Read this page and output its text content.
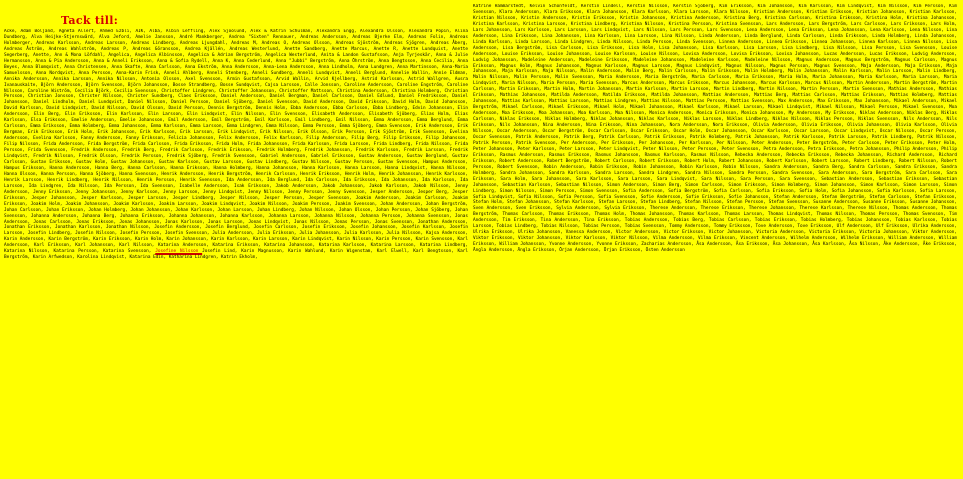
Tack till:
Acke, Adam Böljand, Agneta Allert, Ahmed Ezbli, AIK, Alba, Albin Leffling, Alex Sjöölund, Alex & Katrin Schulman, Alexandra Engg, Alexandra Olsson, Alexandra Popin, Alina Dundberg, Alva Heijke-Stjernswärd, Alva Jeford, Amelie Jansson, André Mankberger, Andrea "Sixten" Rennauer, Andreas Andersson, Andreas Bjerke Elm, Andreas Folin, Andreas Holmberger, Andreas Karlsson, Andreas Larsson, Andreas Lindberg, Andreas Ljungdahl, Andreas M, Andreas O, Andreas Olsson, Andreas Sjöström, Andreas Sjögren, Andreas Åberg, Andreas Åström, Andreas Wahlström, Andreas P, Andreas Göransson, Andrea Kjällén, Andreas Westerlund, Anette Sandberg, Anette Marcus, Anette R, Anette Lundquist, Anette Segerberg, Anette, Ann & Mona Löfdahl, Angelica, Angelica Albinsson, Angelica & Adrian Bergström, Angelica Westerlund, Anita & Landon Gustafsson, Anja Tyrjeskär, Anna & Julie Hermansson, Anna & Pia Andersson, Anna & Anneli Eriksson, Anna & Sofia Rydell, Anna K, Anna Cederlund, Anna "Jubbi" Bergström, Anna Öhrström, Anna Bengtsson, Anna Cecilia, Anna Beyes, Anna Blomqvist, Anna Christensen, Anna Skafte, Anna Carlsson, Anna Ekström, Anna Andersson, Anna-Lena Andersson, Anna Lindholm, Anna Lundgren, Anna Martinsson, Anna-Maria Samuelsson, Anna Nordqvist, Anna Persson, Anna-Karin Frisk, Anneli Ahlberg, Anneli Stenberg, Anneli Sundberg, Anneli Lundqvist, Anneli Berglund, Annelie Wallin, Annie Eldman, Annika Andersson, Annika Larsson, Annika Nilsson, Antonia Olsson, Axel Svensson, Armin Gustafsson, Arvid Wallin, Arvid Kjellberg, Astrid Karlsson, Astrid Wallgren, Ausra Ivanauskaite, Björn Andersson, Björn Svensson, Björn Johansson, Bosse Strandberg, Bosse Sundqvist, Cajsa Larsson, Calle Jonsson, Caroline Andersson, Caroline Engström, Caroline Nilsson, Caroline Wiström, Cecilia Björk, Cecilia Svensson, Christoffer Lindgren, Christoffer Johansson, Christoffer Mattsson, Christina Andersson, Christina Holmberg, Christian Persson, Christian Jonsson, Christer Nilsson, Christer Sundberg, Claes Eriksson, Daniel Andersson, Daniel Bergman, Daniel Carlsson, Daniel Edlund, Daniel Fredriksson, Daniel Johansson, Daniel Lindholm, Daniel Lundqvist, Daniel Nilsson, Daniel Persson, Daniel Sjöberg, Daniel Svensson, David Andersson, David Eriksson, David Holm, David Johansson, David Karlsson, David Lindqvist, David Nilsson, David Olsson, David Persson, Dennis Bergström, Dennis Holm, Ebba Andersson, Ebba Carlsson, Ebba Lindberg, Edvin Johansson, Elin Andersson, Elin Berg, Elin Eriksson, Elin Karlsson, Elin Larsson, Elin Lindqvist, Elin Nilsson, Elin Svensson, Elisabeth Andersson, Elisabeth Sjöberg, Elias Holm, Elias Karlsson, Elsa Eriksson, Emelie Andersson, Emelie Johansson, Emil Andersson, Emil Bergström, Emil Karlsson, Emil Lindberg, Emil Nilsson, Emma Andersson, Emma Berglund, Emma Carlsson, Emma Eriksson, Emma Holmberg, Emma Johansson, Emma Karlsson, Emma Larsson, Emma Lindgren, Emma Nilsson, Emma Persson, Emma Sjöberg, Emma Svensson, Erik Andersson, Erik Bergman, Erik Eriksson, Erik Holm, Erik Johansson, Erik Karlsson, Erik Larsson, Erik Lindqvist, Erik Nilsson, Erik Olsson, Erik Persson, Erik Sjöström, Erik Svensson, Evelina Andersson, Evelina Karlsson, Fanny Andersson, Fanny Eriksson, Felicia Johansson, Felix Andersson, Felix Karlsson, Filip Andersson, Filip Berg, Filip Eriksson, Filip Johansson, Filip Nilsson, Frida Andersson, Frida Bergström, Frida Carlsson, Frida Eriksson, Frida Holm, Frida Johansson, Frida Karlsson, Frida Larsson, Frida Lindberg, Frida Nilsson, Frida Persson, Frida Svensson, Fredrik Andersson, Fredrik Berg, Fredrik Carlsson, Fredrik Eriksson, Fredrik Holmberg, Fredrik Johansson, Fredrik Karlsson, Fredrik Larsson, Fredrik Lindqvist, Fredrik Nilsson, Fredrik Olsson, Fredrik Persson, Fredrik Sjöberg, Fredrik Svensson, Gabriel Andersson, Gabriel Eriksson, Gustav Andersson, Gustav Berglund, Gustav Carlsson, Gustav Eriksson, Gustav Holm, Gustav Johansson, Gustav Karlsson, Gustav Larsson, Gustav Lindberg, Gustav Nilsson, Gustav Persson, Gustav Svensson, Hampus Andersson, Hampus Eriksson, Hanna Andersson, Hanna Berg, Hanna Carlsson, Hanna Eriksson, Hanna Holmberg, Hanna Johansson, Hanna Karlsson, Hanna Larsson, Hanna Lindqvist, Hanna Nilsson, Hanna Olsson, Hanna Persson, Hanna Sjöberg, Hanna Svensson, Henrik Andersson, Henrik Bergström, Henrik Carlsson, Henrik Eriksson, Henrik Holm, Henrik Johansson, Henrik Karlsson, Henrik Larsson, Henrik Lindberg, Henrik Nilsson, Henrik Persson, Henrik Svensson, Ida Andersson, Ida Berglund, Ida Carlsson, Ida Eriksson, Ida Johansson, Ida Karlsson, Ida Larsson, Ida Lindgren, Ida Nilsson, Ida Persson, Ida Svensson, Isabelle Andersson, Isak Eriksson, Jakob Andersson, Jakob Johansson, Jakob Karlsson, Jakob Nilsson, Jenny Andersson, Jenny Eriksson, Jenny Johansson, Jenny Karlsson, Jenny Larsson, Jenny Lindqvist, Jenny Nilsson, Jenny Persson, Jenny Svensson, Jesper Andersson, Jesper Berg, Jesper Eriksson, Jesper Johansson, Jesper Karlsson, Jesper Larsson, Jesper Lindberg, Jesper Nilsson, Jesper Persson, Jesper Svensson, Joakim Andersson, Joakim Carlsson, Joakim Eriksson, Joakim Holm, Joakim Johansson, Joakim Karlsson, Joakim Larsson, Joakim Lindqvist, Joakim Nilsson, Joakim Persson, Joakim Svensson, Johan Andersson, Johan Bergström, Johan Carlsson, Johan Eriksson, Johan Holmberg, Johan Johansson, Johan Karlsson, Johan Larsson, Johan Lindberg, Johan Nilsson, Johan Olsson, Johan Persson, Johan Sjöberg, Johan Svensson, Johanna Andersson, Johanna Berg, Johanna Eriksson, Johanna Johansson, Johanna Karlsson, Johanna Larsson, Johanna Nilsson, Johanna Persson, Johanna Svensson, Jonas Andersson, Jonas Carlsson, Jonas Eriksson, Jonas Johansson, Jonas Karlsson, Jonas Larsson, Jonas Lindqvist, Jonas Nilsson, Jonas Persson, Jonas Svensson, Jonathan Andersson, Jonathan Eriksson, Jonathan Karlsson, Jonathan Nilsson, Josefin Andersson, Josefin Berglund, Josefin Carlsson, Josefin Eriksson, Josefin Johansson, Josefin Karlsson, Josefin Larsson, Josefin Lindberg, Josefin Nilsson, Josefin Persson, Josefin Svensson, Julia Andersson, Julia Eriksson, Julia Johansson, Julia Karlsson, Julia Nilsson, Kajsa Andersson, Karin Andersson, Karin Bergström, Karin Eriksson, Karin Holm, Karin Johansson, Karin Karlsson, Karin Larsson, Karin Lindqvist, Karin Nilsson, Karin Persson, Karin Svensson, Karl Andersson, Karl Eriksson, Karl Johansson, Karl Nilsson, Katarina Andersson, Katarina Eriksson, Katarina Johansson, Katarina Karlsson, Katarina Larsson, Katarina Lindberg, Katarina Nilsson, Katarina Persson, Katarina Svensson, Josefine Nilsson Josefin Lind, Karin Magnusson, Karin Wahlund, Karin Wigenstam, Karl Elwell, Karl Bengtsson, Karl Bergström, Karin Arfwedson, Karolina Lindqvist, Katarina Edin, Katharina Lindgren, Katrin Ekholm,
Katrine Hammarstedt, Kelvin Schönfeldt, Kerstin Lindell, Kerstin Nilsson, Kerstin Sjöberg, Kim Eriksson, Kim Johansson, Kim Karlsson, Kim Lindqvist, Kim Nilsson, Kim Persson, Kim Svensson, Klara Andersson, Klara Eriksson, Klara Johansson, Klara Karlsson, Klara Larsson, Klara Nilsson, Kristian Andersson, Kristian Eriksson, Kristian Johansson, Kristian Karlsson, Kristian Nilsson, Kristin Andersson, Kristin Eriksson, Kristin Johansson, Kristina Andersson, Kristina Berg, Kristina Carlsson, Kristina Eriksson, Kristina Holm, Kristina Johansson, Kristina Karlsson, Kristina Larsson, Kristina Lindberg, Kristina Nilsson, Kristina Persson, Kristina Svensson, Lars Andersson, Lars Bergström, Lars Carlsson, Lars Eriksson, Lars Holm, Lars Johansson, Lars Karlsson, Lars Larsson, Lars Lindqvist, Lars Nilsson, Lars Persson, Lars Svensson, Lena Andersson, Lena Eriksson, Lena Johansson, Lena Karlsson, Lena Nilsson, Lina Andersson, Lina Eriksson, Lina Johansson, Lina Karlsson, Lina Larsson, Lina Nilsson, Linda Andersson, Linda Berglund, Linda Carlsson, Linda Eriksson, Linda Holmberg, Linda Johansson, Linda Karlsson, Linda Larsson, Linda Lindgren, Linda Nilsson, Linda Persson, Linda Svensson, Linnea Andersson, Linnea Eriksson, Linnea Johansson, Linnea Karlsson, Linnea Nilsson, Lisa Andersson, Lisa Bergström, Lisa Carlsson, Lisa Eriksson, Lisa Holm, Lisa Johansson, Lisa Karlsson, Lisa Larsson, Lisa Lindberg, Lisa Nilsson, Lisa Persson, Lisa Svensson, Louise Andersson, Louise Eriksson, Louise Johansson, Louise Karlsson, Louise Nilsson, Lovisa Andersson, Lovisa Eriksson, Lovisa Johansson, Lucas Andersson, Lucas Eriksson, Ludvig Andersson, Ludvig Johansson, Madeleine Andersson, Madeleine Eriksson, Madeleine Johansson, Madeleine Karlsson, Madeleine Nilsson, Magnus Andersson, Magnus Bergström, Magnus Carlsson, Magnus Eriksson, Magnus Holm, Magnus Johansson, Magnus Karlsson, Magnus Larsson, Magnus Lindqvist, Magnus Nilsson, Magnus Persson, Magnus Svensson, Maja Andersson, Maja Eriksson, Maja Johansson, Maja Karlsson, Maja Nilsson, Malin Andersson, Malin Berg, Malin Carlsson, Malin Eriksson, Malin Holmberg, Malin Johansson, Malin Karlsson, Malin Larsson, Malin Lindberg, Malin Nilsson, Malin Persson, Malin Svensson, Maria Andersson, Maria Bergström, Maria Carlsson, Maria Eriksson, Maria Holm, Maria Johansson, Maria Karlsson, Maria Larsson, Maria Lindqvist, Maria Nilsson, Maria Persson, Maria Svensson, Marcus Andersson, Marcus Eriksson, Marcus Johansson, Marcus Karlsson, Marcus Nilsson, Martin Andersson, Martin Bergström, Martin Carlsson, Martin Eriksson, Martin Holm, Martin Johansson, Martin Karlsson, Martin Larsson, Martin Lindberg, Martin Nilsson, Martin Persson, Martin Svensson, Mathias Andersson, Mathias Eriksson, Mathias Johansson, Matilda Andersson, Matilda Eriksson, Matilda Johansson, Mattias Andersson, Mattias Berg, Mattias Carlsson, Mattias Eriksson, Mattias Holmberg, Mattias Johansson, Mattias Karlsson, Mattias Larsson, Mattias Lindgren, Mattias Nilsson, Mattias Persson, Mattias Svensson, Max Andersson, Max Eriksson, Max Johansson, Mikael Andersson, Mikael Bergström, Mikael Carlsson, Mikael Eriksson, Mikael Holm, Mikael Johansson, Mikael Karlsson, Mikael Larsson, Mikael Lindqvist, Mikael Nilsson, Mikael Persson, Mikael Svensson, Moa Andersson, Moa Eriksson, Moa Johansson, Moa Karlsson, Moa Nilsson, Monica Andersson, Monica Eriksson, Monica Johansson, My Andersson, My Eriksson, Niklas Andersson, Niklas Berg, Niklas Carlsson, Niklas Eriksson, Niklas Holmberg, Niklas Johansson, Niklas Karlsson, Niklas Larsson, Niklas Lindberg, Niklas Nilsson, Niklas Persson, Niklas Svensson, Nils Andersson, Nils Eriksson, Nils Johansson, Nina Andersson, Nina Eriksson, Nina Johansson, Nora Andersson, Nora Eriksson, Olivia Andersson, Olivia Eriksson, Olivia Johansson, Olivia Karlsson, Olivia Nilsson, Oscar Andersson, Oscar Bergström, Oscar Carlsson, Oscar Eriksson, Oscar Holm, Oscar Johansson, Oscar Karlsson, Oscar Larsson, Oscar Lindqvist, Oscar Nilsson, Oscar Persson, Oscar Svensson, Patrik Andersson, Patrik Berg, Patrik Carlsson, Patrik Eriksson, Patrik Holmberg, Patrik Johansson, Patrik Karlsson, Patrik Larsson, Patrik Lindberg, Patrik Nilsson, Patrik Persson, Patrik Svensson, Per Andersson, Per Eriksson, Per Johansson, Per Karlsson, Per Nilsson, Peter Andersson, Peter Bergström, Peter Carlsson, Peter Eriksson, Peter Holm, Peter Johansson, Peter Karlsson, Peter Larsson, Peter Lindqvist, Peter Nilsson, Peter Persson, Peter Svensson, Petra Andersson, Petra Eriksson, Petra Johansson, Philip Andersson, Philip Eriksson, Rasmus Andersson, Rasmus Eriksson, Rasmus Johansson, Rasmus Karlsson, Rasmus Nilsson, Rebecka Andersson, Rebecka Eriksson, Rebecka Johansson, Richard Andersson, Richard Eriksson, Robert Andersson, Robert Bergström, Robert Carlsson, Robert Eriksson, Robert Holm, Robert Johansson, Robert Karlsson, Robert Larsson, Robert Lindberg, Robert Nilsson, Robert Persson, Robert Svensson, Robin Andersson, Robin Eriksson, Robin Johansson, Robin Karlsson, Robin Nilsson, Sandra Andersson, Sandra Berg, Sandra Carlsson, Sandra Eriksson, Sandra Holmberg, Sandra Johansson, Sandra Karlsson, Sandra Larsson, Sandra Lindgren, Sandra Nilsson, Sandra Persson, Sandra Svensson, Sara Andersson, Sara Bergström, Sara Carlsson, Sara Eriksson, Sara Holm, Sara Johansson, Sara Karlsson, Sara Larsson, Sara Lindqvist, Sara Nilsson, Sara Persson, Sara Svensson, Sebastian Andersson, Sebastian Eriksson, Sebastian Johansson, Sebastian Karlsson, Sebastian Nilsson, Simon Andersson, Simon Berg, Simon Carlsson, Simon Eriksson, Simon Holmberg, Simon Johansson, Simon Karlsson, Simon Larsson, Simon Lindberg, Simon Nilsson, Simon Persson, Simon Svensson, Sofia Andersson, Sofia Bergström, Sofia Carlsson, Sofia Eriksson, Sofia Holm, Sofia Johansson, Sofia Karlsson, Sofia Larsson, Sofia Lindqvist, Sofia Nilsson, Sofia Persson, Sofia Svensson, Sofie Andersson, Sofie Eriksson, Sofie Johansson, Stefan Andersson, Stefan Bergström, Stefan Carlsson, Stefan Eriksson, Stefan Holm, Stefan Johansson, Stefan Karlsson, Stefan Larsson, Stefan Lindberg, Stefan Nilsson, Stefan Persson, Stefan Svensson, Susanne Andersson, Susanne Eriksson, Susanne Johansson, Sven Andersson, Sven Eriksson, Sylvia Andersson, Sylvia Eriksson, Therese Andersson, Therese Eriksson, Therese Johansson, Therese Karlsson, Therese Nilsson, Thomas Andersson, Thomas Bergström, Thomas Carlsson, Thomas Eriksson, Thomas Holm, Thomas Johansson, Thomas Karlsson, Thomas Larsson, Thomas Lindqvist, Thomas Nilsson, Thomas Persson, Thomas Svensson, Tim Andersson, Tim Eriksson, Tina Andersson, Tina Eriksson, Tobias Andersson, Tobias Berg, Tobias Carlsson, Tobias Eriksson, Tobias Holmberg, Tobias Johansson, Tobias Karlsson, Tobias Larsson, Tobias Lindberg, Tobias Nilsson, Tobias Persson, Tobias Svensson, Tommy Andersson, Tommy Eriksson, Tove Andersson, Tove Eriksson, Ulf Andersson, Ulf Eriksson, Ulrika Andersson, Ulrika Eriksson, Ulrika Johansson, Vanessa Andersson, Victor Andersson, Victor Eriksson, Victor Johansson, Victoria Andersson, Victoria Eriksson, Victoria Johansson, Viktor Andersson, Viktor Eriksson, Viktor Johansson, Viktor Karlsson, Viktor Nilsson, Vilma Andersson, Vilma Eriksson, Vincent Andersson, Wilhelm Andersson, Wilhelm Eriksson, William Andersson, William Eriksson, William Johansson, Yvonne Andersson, Yvonne Eriksson, Zacharias Andersson, Åsa Andersson, Åsa Eriksson, Åsa Johansson, Åsa Karlsson, Åsa Nilsson, Åke Andersson, Åke Eriksson, Ängla Andersson, Ängla Eriksson, Örjan Andersson, Örjan Eriksson, Östen Andersson
